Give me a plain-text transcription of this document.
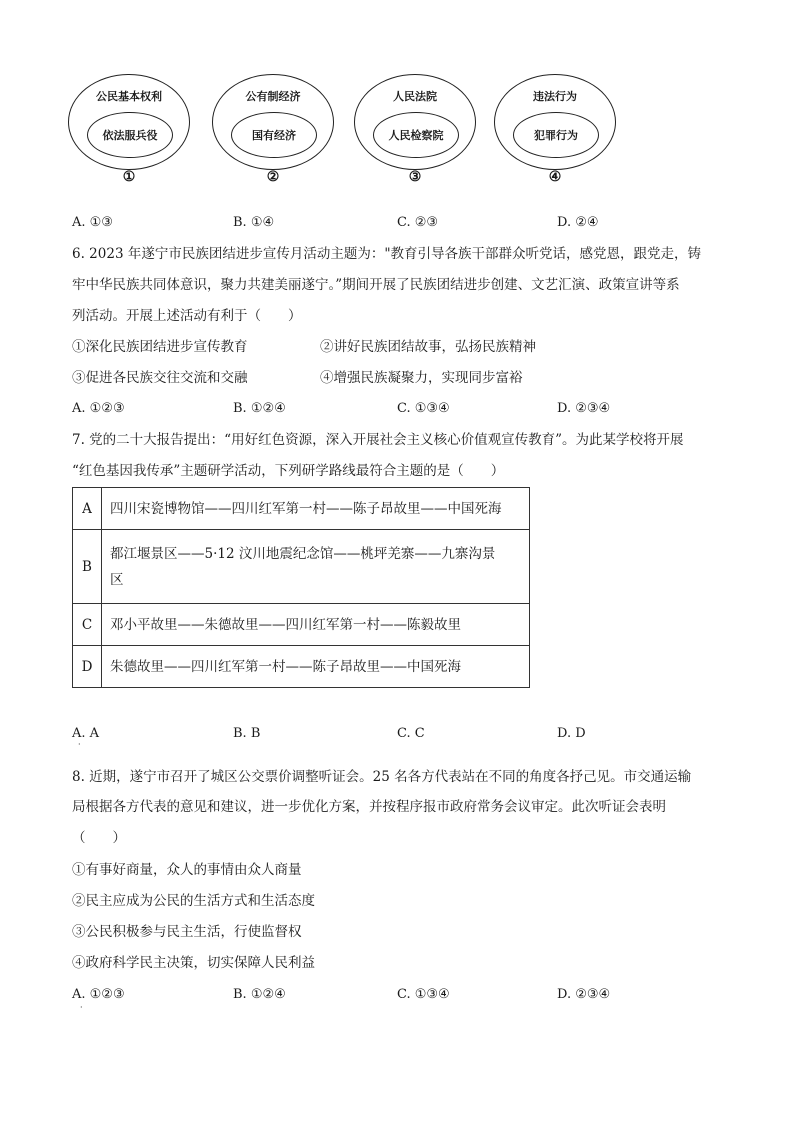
公民基本权利
依法服兵役
①
公有制经济
国有经济
②
人民法院
人民检察院
③
违法行为
犯罪行为
④
A. ①③	B. ①④	C. ②③	D. ②④
6. 2023 年遂宁市民族团结进步宣传月活动主题为："教育引导各族干部群众听党话，感党恩，跟党走，铸
牢中华民族共同体意识，聚力共建美丽遂宁。”期间开展了民族团结进步创建、文艺汇演、政策宣讲等系
列活动。开展上述活动有利于（　　）
①深化民族团结进步宣传教育	②讲好民族团结故事，弘扬民族精神
③促进各民族交往交流和交融	④增强民族凝聚力，实现同步富裕
A. ①②③	B. ①②④	C. ①③④	D. ②③④
7. 党的二十大报告提出：“用好红色资源，深入开展社会主义核心价值观宣传教育”。为此某学校将开展
“红色基因我传承”主题研学活动，下列研学路线最符合主题的是（　　）
A	四川宋瓷博物馆——四川红军第一村——陈子昂故里——中国死海
B	都江堰景区——5·12 汶川地震纪念馆——桃坪羌寨——九寨沟景
区
C	邓小平故里——朱德故里——四川红军第一村——陈毅故里
D	朱德故里——四川红军第一村——陈子昂故里——中国死海
A. A
·
B. B	C. C	D. D
8. 近期，遂宁市召开了城区公交票价调整听证会。25 名各方代表站在不同的角度各抒己见。市交通运输
局根据各方代表的意见和建议，进一步优化方案，并按程序报市政府常务会议审定。此次听证会表明
（　　）
①有事好商量，众人的事情由众人商量
②民主应成为公民的生活方式和生活态度
③公民积极参与民主生活，行使监督权
④政府科学民主决策，切实保障人民利益
A. ①②③
·
B. ①②④	C. ①③④	D. ②③④
